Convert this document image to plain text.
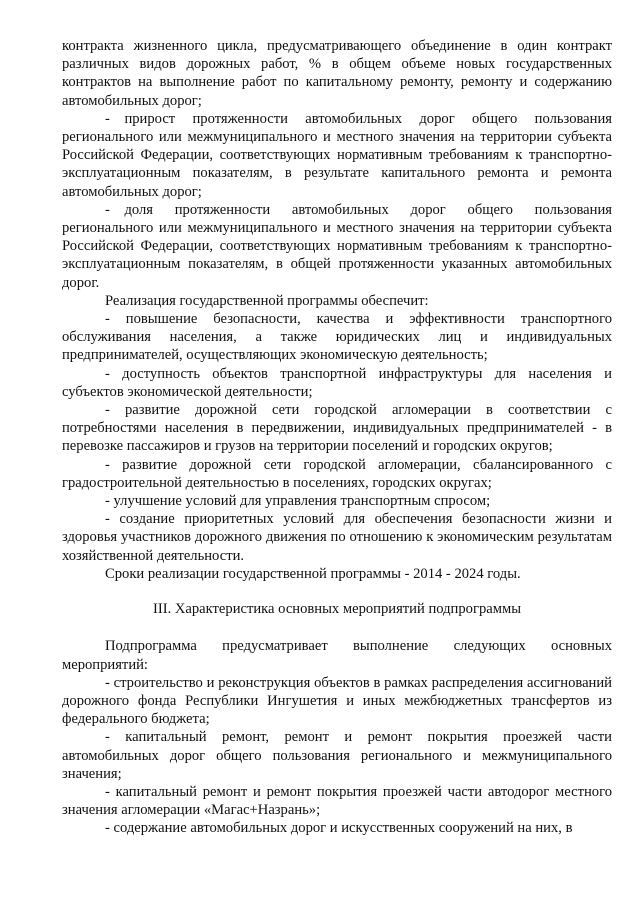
контракта жизненного цикла, предусматривающего объединение в один контракт различных видов дорожных работ, % в общем объеме новых государственных контрактов на выполнение работ по капитальному ремонту, ремонту и содержанию автомобильных дорог;

- прирост протяженности автомобильных дорог общего пользования регионального или межмуниципального и местного значения на территории субъекта Российской Федерации, соответствующих нормативным требованиям к транспортно-эксплуатационным показателям, в результате капитального ремонта и ремонта автомобильных дорог;

- доля протяженности автомобильных дорог общего пользования регионального или межмуниципального и местного значения на территории субъекта Российской Федерации, соответствующих нормативным требованиям к транспортно-эксплуатационным показателям, в общей протяженности указанных автомобильных дорог.

Реализация государственной программы обеспечит:

- повышение безопасности, качества и эффективности транспортного обслуживания населения, а также юридических лиц и индивидуальных предпринимателей, осуществляющих экономическую деятельность;

- доступность объектов транспортной инфраструктуры для населения и субъектов экономической деятельности;

- развитие дорожной сети городской агломерации в соответствии с потребностями населения в передвижении, индивидуальных предпринимателей - в перевозке пассажиров и грузов на территории поселений и городских округов;

- развитие дорожной сети городской агломерации, сбалансированного с градостроительной деятельностью в поселениях, городских округах;

- улучшение условий для управления транспортным спросом;

- создание приоритетных условий для обеспечения безопасности жизни и здоровья участников дорожного движения по отношению к экономическим результатам хозяйственной деятельности.

Сроки реализации государственной программы - 2014 - 2024 годы.

III. Характеристика основных мероприятий подпрограммы

Подпрограмма предусматривает выполнение следующих основных мероприятий:

- строительство и реконструкция объектов в рамках распределения ассигнований дорожного фонда Республики Ингушетия и иных межбюджетных трансфертов из федерального бюджета;

- капитальный ремонт, ремонт и ремонт покрытия проезжей части автомобильных дорог общего пользования регионального и межмуниципального значения;

- капитальный ремонт и ремонт покрытия проезжей части автодорог местного значения агломерации «Магас+Назрань»;

- содержание автомобильных дорог и искусственных сооружений на них, в
